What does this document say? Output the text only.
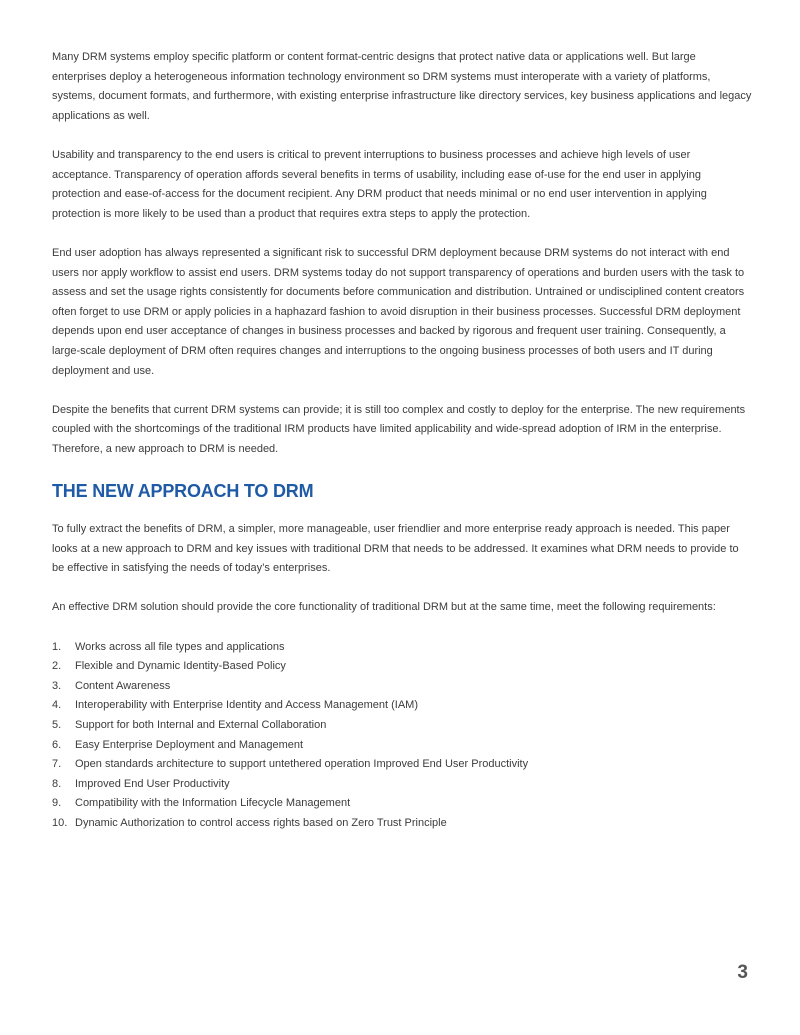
Many DRM systems employ specific platform or content format-centric designs that protect native data or applications well. But large enterprises deploy a heterogeneous information technology environment so DRM systems must interoperate with a variety of platforms, systems, document formats, and furthermore, with existing enterprise infrastructure like directory services, key business applications and legacy applications as well.

Usability and transparency to the end users is critical to prevent interruptions to business processes and achieve high levels of user acceptance. Transparency of operation affords several benefits in terms of usability, including ease of-use for the end user in applying protection and ease-of-access for the document recipient. Any DRM product that needs minimal or no end user intervention in applying protection is more likely to be used than a product that requires extra steps to apply the protection.

End user adoption has always represented a significant risk to successful DRM deployment because DRM systems do not interact with end users nor apply workflow to assist end users. DRM systems today do not support transparency of operations and burden users with the task to assess and set the usage rights consistently for documents before communication and distribution. Untrained or undisciplined content creators often forget to use DRM or apply policies in a haphazard fashion to avoid disruption in their business processes. Successful DRM deployment depends upon end user acceptance of changes in business processes and backed by rigorous and frequent user training. Consequently, a large-scale deployment of DRM often requires changes and interruptions to the ongoing business processes of both users and IT during deployment and use.

Despite the benefits that current DRM systems can provide; it is still too complex and costly to deploy for the enterprise. The new requirements coupled with the shortcomings of the traditional IRM products have limited applicability and wide-spread adoption of IRM in the enterprise. Therefore, a new approach to DRM is needed.

THE NEW APPROACH TO DRM

To fully extract the benefits of DRM, a simpler, more manageable, user friendlier and more enterprise ready approach is needed. This paper looks at a new approach to DRM and key issues with traditional DRM that needs to be addressed. It examines what DRM needs to provide to be effective in satisfying the needs of today’s enterprises.

An effective DRM solution should provide the core functionality of traditional DRM but at the same time, meet the following requirements:

1.	Works across all file types and applications
2.	Flexible and Dynamic Identity-Based Policy
3.	Content Awareness
4.	Interoperability with Enterprise Identity and Access Management (IAM)
5.	Support for both Internal and External Collaboration
6.	Easy Enterprise Deployment and Management
7.	Open standards architecture to support untethered operation Improved End User Productivity
8.	Improved End User Productivity
9.	Compatibility with the Information Lifecycle Management
10. Dynamic Authorization to control access rights based on Zero Trust Principle
3
